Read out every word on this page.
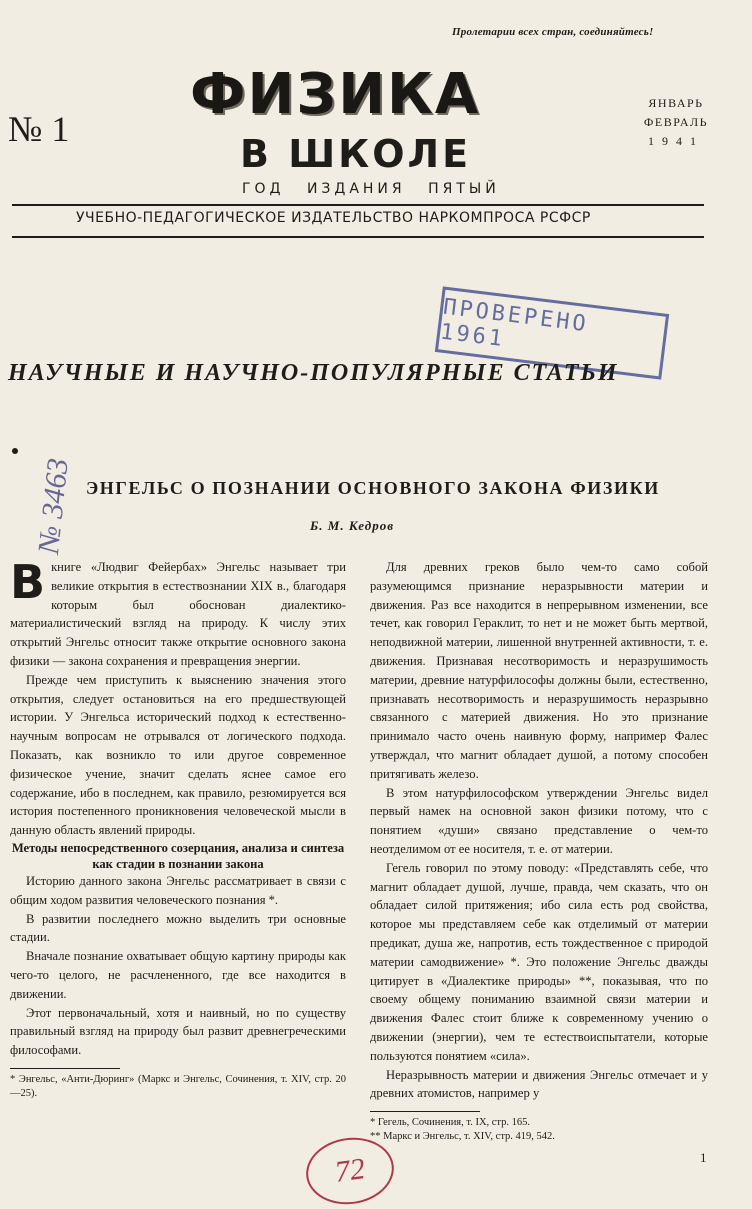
Пролетарии всех стран, соединяйтесь!
№ 1
ФИЗИКА
В ШКОЛЕ
ГОД ИЗДАНИЯ ПЯТЫЙ
ЯНВАРЬ
ФЕВРАЛЬ
1941
УЧЕБНО-ПЕДАГОГИЧЕСКОЕ ИЗДАТЕЛЬСТВО НАРКОМПРОСА РСФСР
ПРОВЕРЕНО 1961
НАУЧНЫЕ И НАУЧНО-ПОПУЛЯРНЫЕ СТАТЬИ
№ 3463 ЭНГЕЛЬС О ПОЗНАНИИ ОСНОВНОГО ЗАКОНА ФИЗИКИ
Б. М. Кедров

Вкниге «Людвиг Фейербах» Энгельс называет три великие открытия в естествознании XIX в., благодаря которым был обоснован диалектико-материалистический взгляд на природу. К числу этих открытий Энгельс относит также открытие основного закона физики — закона сохранения и превращения энергии.

Прежде чем приступить к выяснению значения этого открытия, следует остановиться на его предшествующей истории. У Энгельса исторический подход к естественно-научным вопросам не отрывался от логического подхода. Показать, как возникло то или другое современное физическое учение, значит сделать яснее самое его содержание, ибо в последнем, как правило, резюмируется вся история постепенного проникновения человеческой мысли в данную область явлений природы.

Методы непосредственного созерцания, анализа и синтеза как стадии в познании закона

Историю данного закона Энгельс рассматривает в связи с общим ходом развития человеческого познания *.

В развитии последнего можно выделить три основные стадии.

Вначале познание охватывает общую картину природы как чего-то целого, не расчлененного, где все находится в движении.

Этот первоначальный, хотя и наивный, но по существу правильный взгляд на природу был развит древнегреческими философами.

* Энгельс, «Анти-Дюринг» (Маркс и Энгельс, Сочинения, т. XIV, стр. 20—25).

Для древних греков было чем-то само собой разумеющимся признание неразрывности материи и движения. Раз все находится в непрерывном изменении, все течет, как говорил Гераклит, то нет и не может быть мертвой, неподвижной материи, лишенной внутренней активности, т. е. движения. Признавая несотворимость и неразрушимость материи, древние натурфилософы должны были, естественно, признавать несотворимость и неразрушимость неразрывно связанного с материей движения. Но это признание принимало часто очень наивную форму, например Фалес утверждал, что магнит обладает душой, а потому способен притягивать железо.

В этом натурфилософском утверждении Энгельс видел первый намек на основной закон физики потому, что с понятием «души» связано представление о чем-то неотделимом от ее носителя, т. е. от материи.

Гегель говорил по этому поводу: «Представлять себе, что магнит обладает душой, лучше, правда, чем сказать, что он обладает силой притяжения; ибо сила есть род свойства, которое мы представляем себе как отделимый от материи предикат, душа же, напротив, есть тождественное с природой материи самодвижение» *. Это положение Энгельс дважды цитирует в «Диалектике природы» **, показывая, что по своему общему пониманию взаимной связи материи и движения Фалес стоит ближе к современному учению о движении (энергии), чем те естествоиспытатели, которые пользуются понятием «сила».

Неразрывность материи и движения Энгельс отмечает и у древних атомистов, например у

* Гегель, Сочинения, т. IX, стр. 165.

** Маркс и Энгельс, т. XIV, стр. 419, 542.

72	1
